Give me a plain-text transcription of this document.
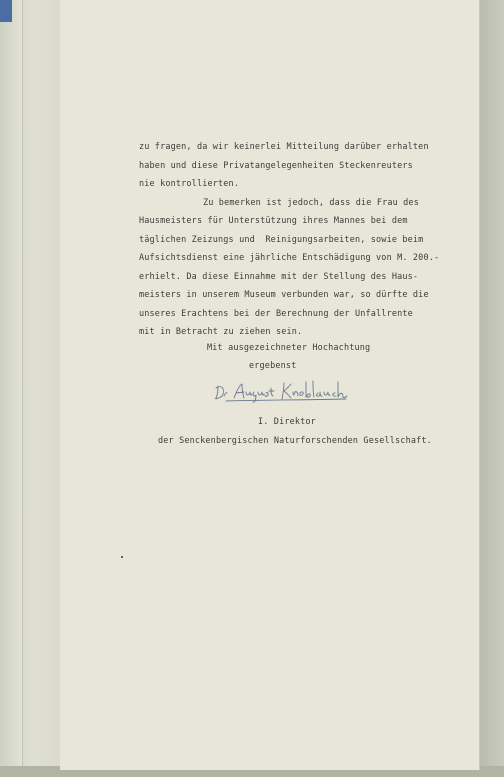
zu fragen, da wir keinerlei Mitteilung darüber erhalten
haben und diese Privatangelegenheiten Steckenreuters
nie kontrollierten.
Zu bemerken ist jedoch, dass die Frau des
Hausmeisters für Unterstützung ihres Mannes bei dem
täglichen Zeizungs und  Reinigungsarbeiten, sowie beim
Aufsichtsdienst eine jährliche Entschädigung von M. 200.-
erhielt. Da diese Einnahme mit der Stellung des Haus-
meisters in unserem Museum verbunden war, so dürfte die
unseres Erachtens bei der Berechnung der Unfallrente
mit in Betracht zu ziehen sein.
Mit ausgezeichneter Hochachtung
ergebenst
I. Direktor
der Senckenbergischen Naturforschenden Gesellschaft.
